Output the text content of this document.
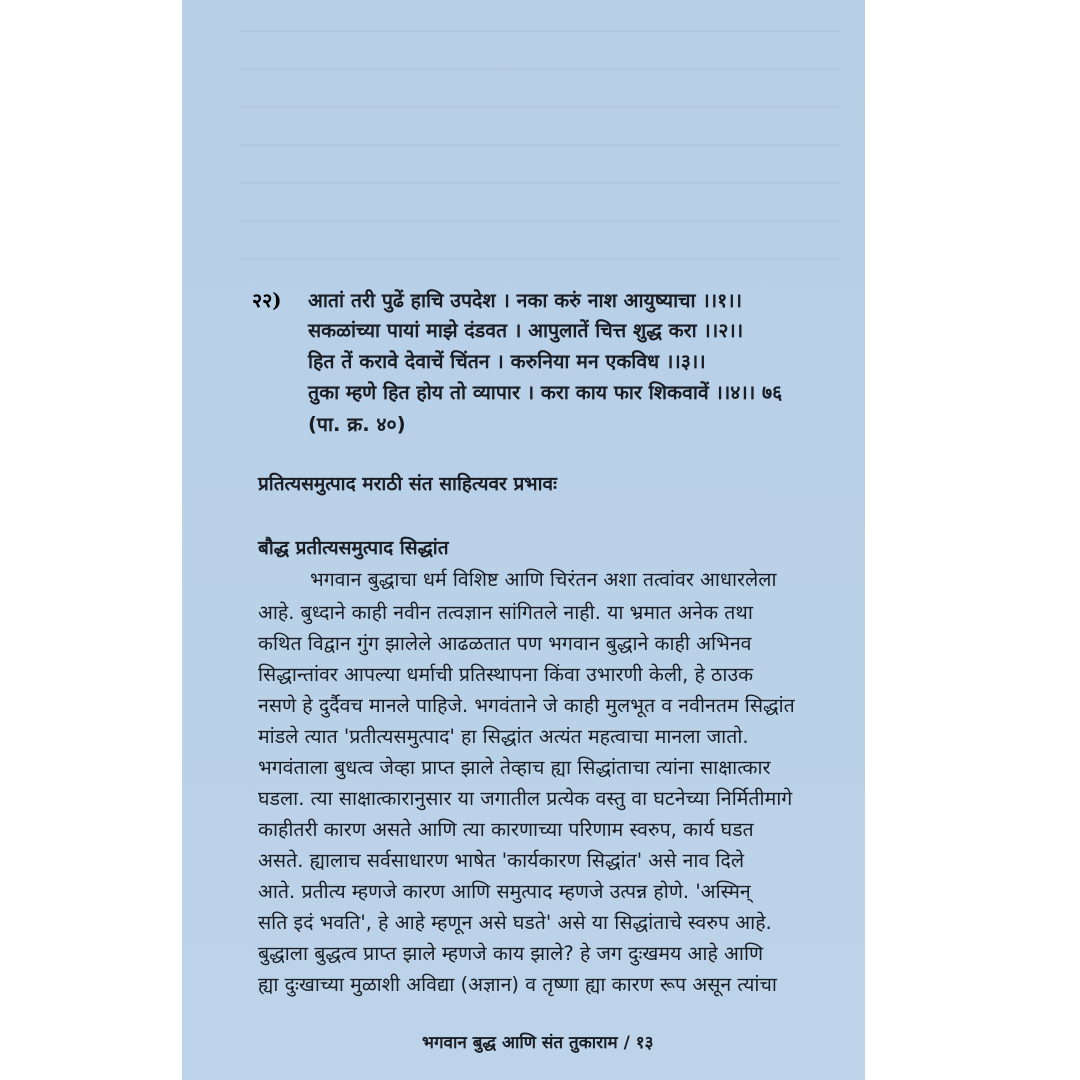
२२) आतां तरी पुढें हाचि उपदेश । नका करुं नाश आयुष्याचा ।।१।।
सकळांच्या पायां माझे दंडवत । आपुलातें चित्त शुद्ध करा ।।२।।
हित तें करावे देवाचें चिंतन । करुनिया मन एकविध ।।३।।
तुका म्हणे हित होय तो व्यापार । करा काय फार शिकवावें ।।४।। ७६
(पा. क्र. ४०)
प्रतित्यसमुत्पाद मराठी संत साहित्यवर प्रभावः
बौद्ध प्रतीत्यसमुत्पाद सिद्धांत
भगवान बुद्धाचा धर्म विशिष्ट आणि चिरंतन अशा तत्वांवर आधारलेला
आहे. बुध्दाने काही नवीन तत्वज्ञान सांगितले नाही. या भ्रमात अनेक तथा
कथित विद्वान गुंग झालेले आढळतात पण भगवान बुद्धाने काही अभिनव
सिद्धान्तांवर आपल्या धर्माची प्रतिस्थापना किंवा उभारणी केली, हे ठाउक
नसणे हे दुर्दैवच मानले पाहिजे. भगवंताने जे काही मुलभूत व नवीनतम सिद्धांत
मांडले त्यात 'प्रतीत्यसमुत्पाद' हा सिद्धांत अत्यंत महत्वाचा मानला जातो.
भगवंताला बुधत्व जेव्हा प्राप्त झाले तेव्हाच ह्या सिद्धांताचा त्यांना साक्षात्कार
घडला. त्या साक्षात्कारानुसार या जगातील प्रत्येक वस्तु वा घटनेच्या निर्मितीमागे
काहीतरी कारण असते आणि त्या कारणाच्या परिणाम स्वरुप, कार्य घडत
असते. ह्यालाच सर्वसाधारण भाषेत 'कार्यकारण सिद्धांत' असे नाव दिले
आते. प्रतीत्य म्हणजे कारण आणि समुत्पाद म्हणजे उत्पन्न होणे. 'अस्मिन्
सति इदं भवति', हे आहे म्हणून असे घडते' असे या सिद्धांताचे स्वरुप आहे.
बुद्धाला बुद्धत्व प्राप्त झाले म्हणजे काय झाले? हे जग दुःखमय आहे आणि
ह्या दुःखाच्या मुळाशी अविद्या (अज्ञान) व तृष्णा ह्या कारण रूप असून त्यांचा
भगवान बुद्ध आणि संत तुकाराम / १३
